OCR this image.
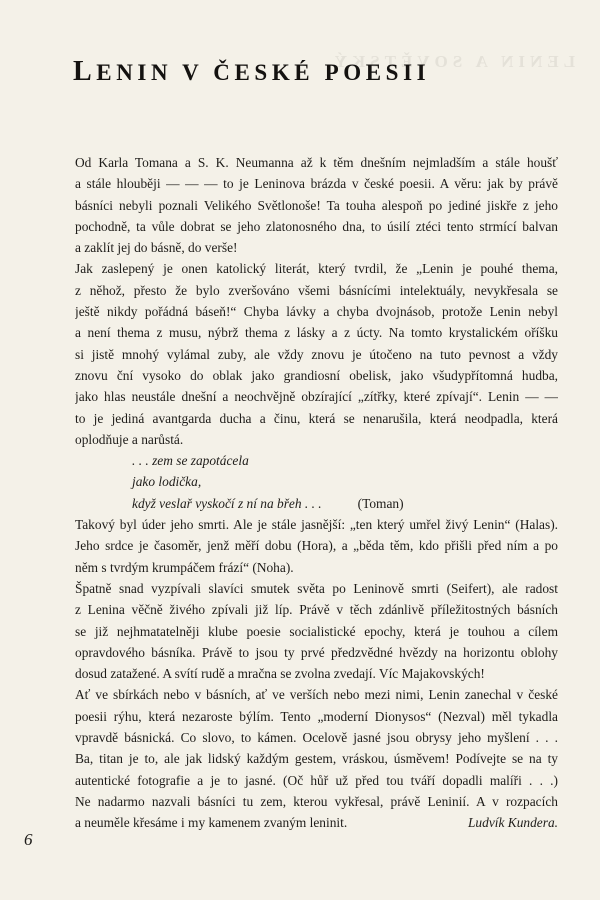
LENIN A SOVĚTSKÝ
LENIN V ČESKÉ POESII
Od Karla Tomana a S. K. Neumanna až k těm dnešním nejmladším a stále houšť
a stále hlouběji — — — to je Leninova brázda v české poesii. A věru: jak by právě
básníci nebyli poznali Velikého Světlonoše! Ta touha alespoň po jediné jiskře z jeho
pochodně, ta vůle dobrat se jeho zlatonosného dna, to úsilí ztéci tento strmící balvan
a zaklít jej do básně, do verše!
Jak zaslepený je onen katolický literát, který tvrdil, že „Lenin je pouhé thema,
z něhož, přesto že bylo zveršováno všemi básnícími intelektuály, nevykřesala se
ještě nikdy pořádná báseň!“ Chyba lávky a chyba dvojnásob, protože Lenin nebyl
a není thema z musu, nýbrž thema z lásky a z úcty. Na tomto krystalickém oříšku
si jistě mnohý vylámal zuby, ale vždy znovu je útočeno na tuto pevnost a vždy
znovu ční vysoko do oblak jako grandiosní obelisk, jako všudypřítomná hudba,
jako hlas neustále dnešní a neochvějně obzírající „zítřky, které zpívají“. Lenin — —
to je jediná avantgarda ducha a činu, která se nenarušila, která neodpadla, která
oplodňuje a narůstá.
. . . zem se zapotácela
jako lodička,
když veslař vyskočí z ní na břeh . . .	(Toman)
Takový byl úder jeho smrti. Ale je stále jasnější: „ten který umřel živý Lenin“ (Halas).
Jeho srdce je časoměr, jenž měří dobu (Hora), a „běda těm, kdo přišli před ním a po
něm s tvrdým krumpáčem frází“ (Noha).
Špatně snad vyzpívali slavíci smutek světa po Leninově smrti (Seifert), ale radost
z Lenina věčně živého zpívali již líp. Právě v těch zdánlivě příležitostných básních
se již nejhmatatelněji klube poesie socialistické epochy, která je touhou a cílem
opravdového básníka. Právě to jsou ty prvé předzvědné hvězdy na horizontu oblohy
dosud zatažené. A svítí rudě a mračna se zvolna zvedají. Víc Majakovských!
Ať ve sbírkách nebo v básních, ať ve verších nebo mezi nimi, Lenin zanechal v české
poesii rýhu, která nezaroste býlím. Tento „moderní Dionysos“ (Nezval) měl tykadla
vpravdě básnická. Co slovo, to kámen. Ocelově jasné jsou obrysy jeho myšlení . . .
Ba, titan je to, ale jak lidský každým gestem, vráskou, úsměvem! Podívejte se na ty
autentické fotografie a je to jasné. (Oč hůř už před tou tváří dopadli malíři . . .)
Ne nadarmo nazvali básníci tu zem, kterou vykřesal, právě Leninií. A v rozpacích
a neuměle křesáme i my kamenem zvaným leninit.	Ludvík Kundera.
6
